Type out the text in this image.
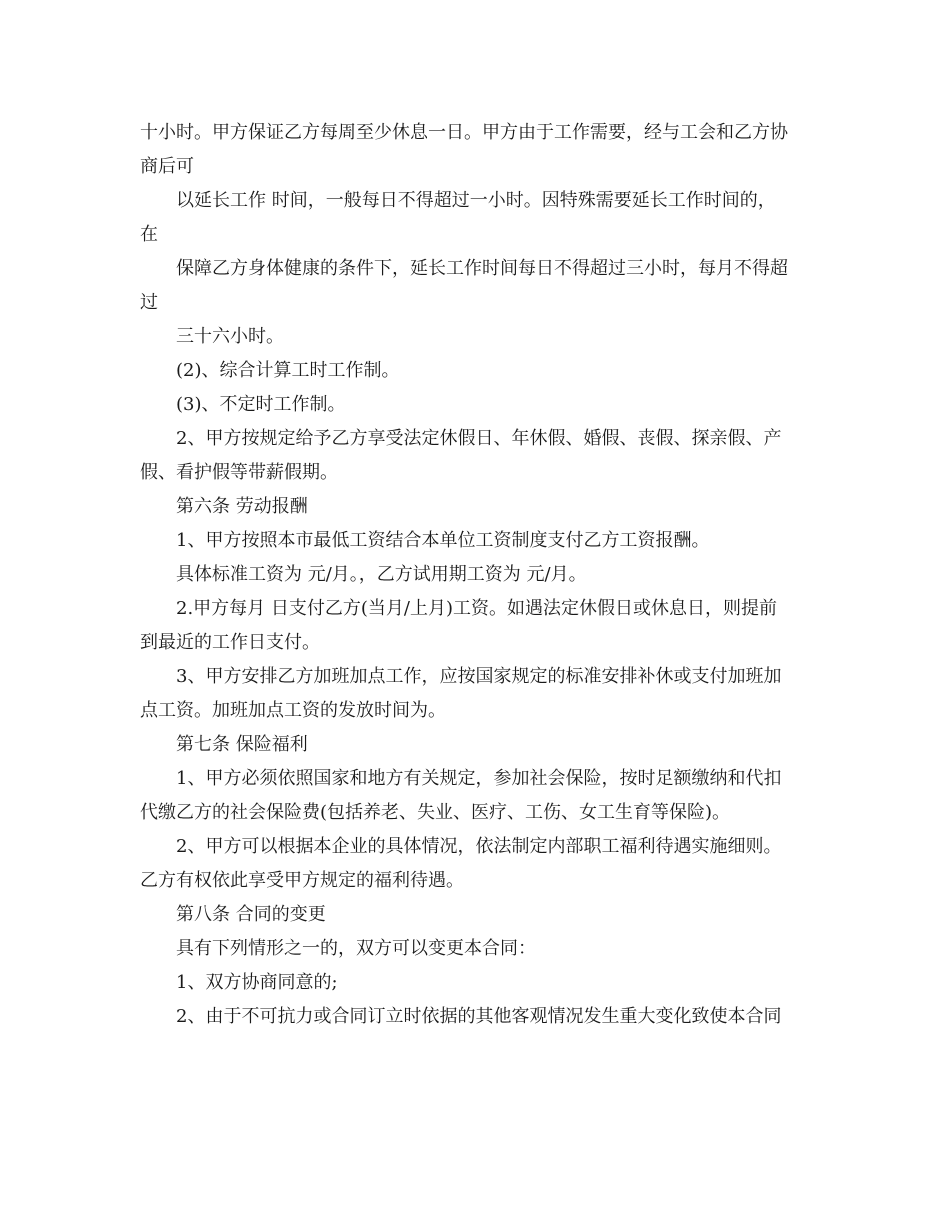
十小时。甲方保证乙方每周至少休息一日。甲方由于工作需要，经与工会和乙方协
商后可
以延长工作 时间，一般每日不得超过一小时。因特殊需要延长工作时间的，
在
保障乙方身体健康的条件下，延长工作时间每日不得超过三小时，每月不得超
过
三十六小时。
(2)、综合计算工时工作制。
(3)、不定时工作制。
2、甲方按规定给予乙方享受法定休假日、年休假、婚假、丧假、探亲假、产
假、看护假等带薪假期。
第六条 劳动报酬
1、甲方按照本市最低工资结合本单位工资制度支付乙方工资报酬。
具体标准工资为 元/月。，乙方试用期工资为 元/月。
2.甲方每月 日支付乙方(当月/上月)工资。如遇法定休假日或休息日，则提前
到最近的工作日支付。
3、甲方安排乙方加班加点工作，应按国家规定的标准安排补休或支付加班加
点工资。加班加点工资的发放时间为。
第七条 保险福利
1、甲方必须依照国家和地方有关规定，参加社会保险，按时足额缴纳和代扣
代缴乙方的社会保险费(包括养老、失业、医疗、工伤、女工生育等保险)。
2、甲方可以根据本企业的具体情况，依法制定内部职工福利待遇实施细则。
乙方有权依此享受甲方规定的福利待遇。
第八条 合同的变更
具有下列情形之一的，双方可以变更本合同：
1、双方协商同意的;
2、由于不可抗力或合同订立时依据的其他客观情况发生重大变化致使本合同
